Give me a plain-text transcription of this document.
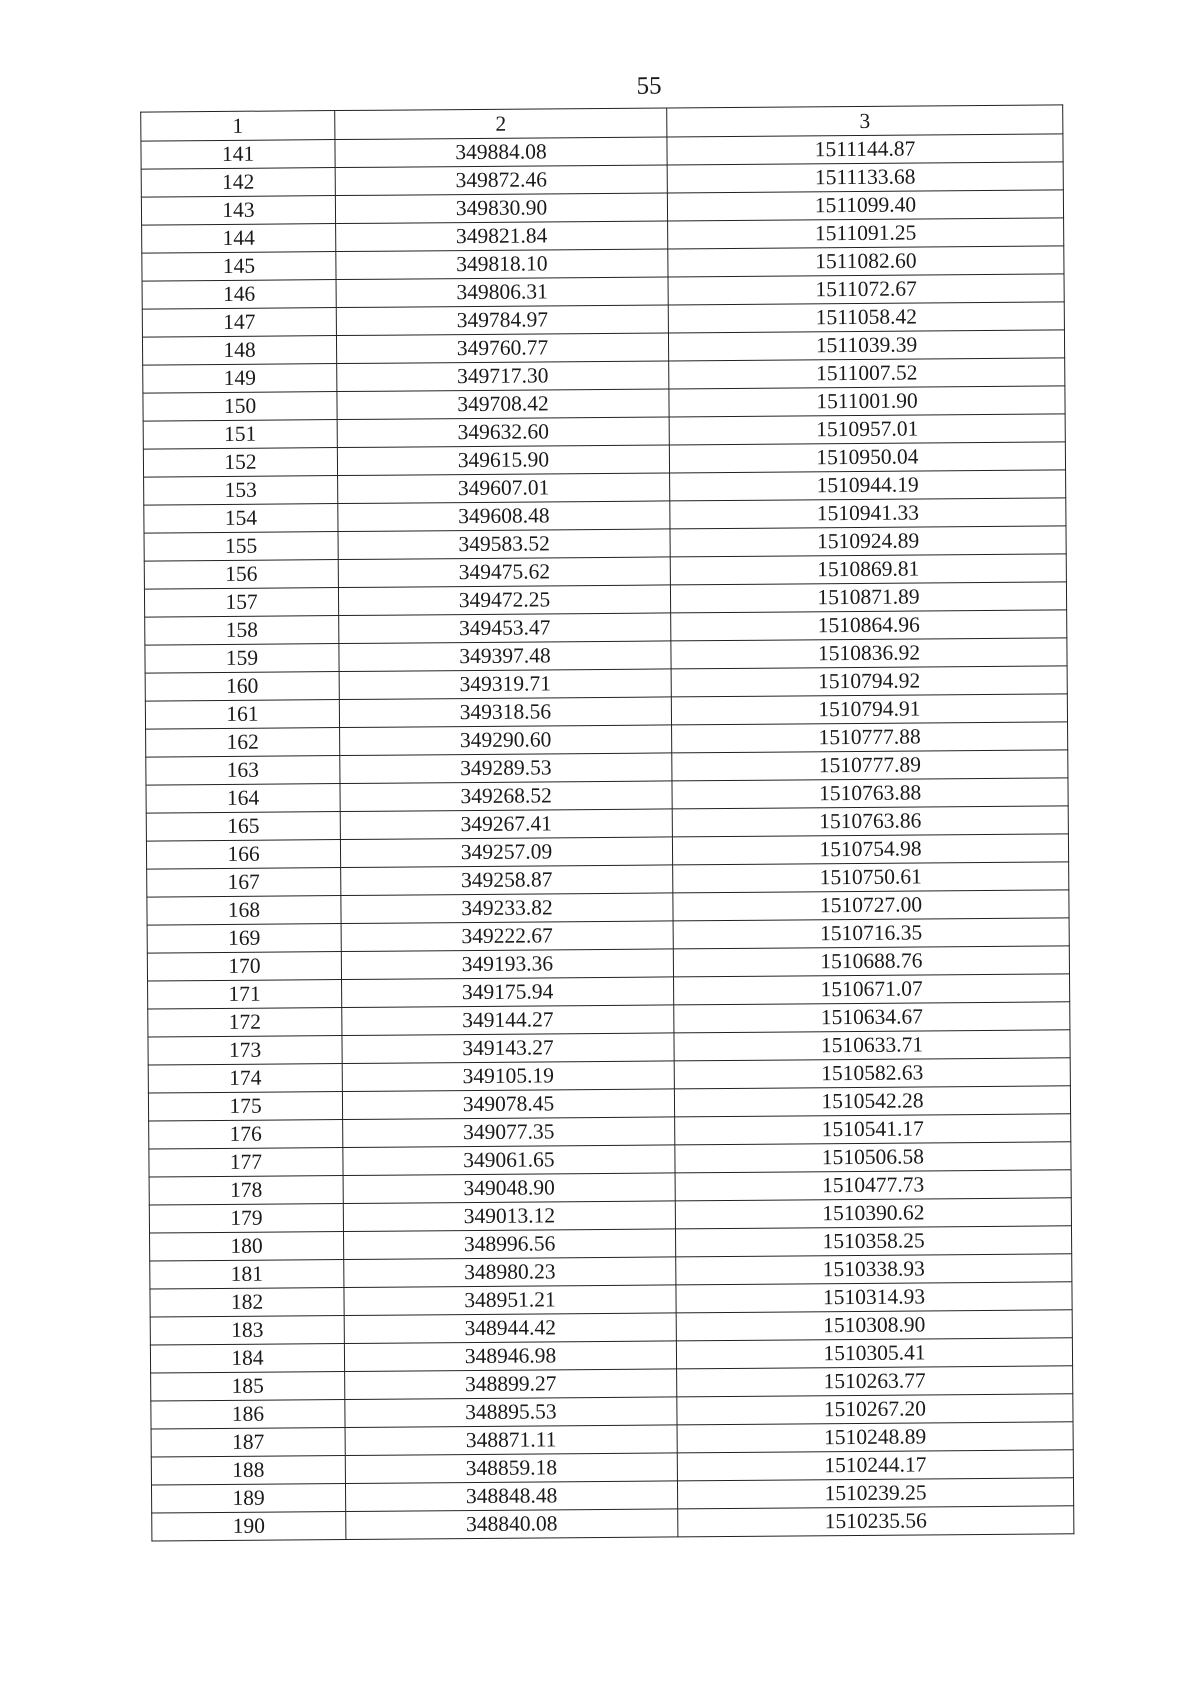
55
1	2	3
141	349884.08	1511144.87
142	349872.46	1511133.68
143	349830.90	1511099.40
144	349821.84	1511091.25
145	349818.10	1511082.60
146	349806.31	1511072.67
147	349784.97	1511058.42
148	349760.77	1511039.39
149	349717.30	1511007.52
150	349708.42	1511001.90
151	349632.60	1510957.01
152	349615.90	1510950.04
153	349607.01	1510944.19
154	349608.48	1510941.33
155	349583.52	1510924.89
156	349475.62	1510869.81
157	349472.25	1510871.89
158	349453.47	1510864.96
159	349397.48	1510836.92
160	349319.71	1510794.92
161	349318.56	1510794.91
162	349290.60	1510777.88
163	349289.53	1510777.89
164	349268.52	1510763.88
165	349267.41	1510763.86
166	349257.09	1510754.98
167	349258.87	1510750.61
168	349233.82	1510727.00
169	349222.67	1510716.35
170	349193.36	1510688.76
171	349175.94	1510671.07
172	349144.27	1510634.67
173	349143.27	1510633.71
174	349105.19	1510582.63
175	349078.45	1510542.28
176	349077.35	1510541.17
177	349061.65	1510506.58
178	349048.90	1510477.73
179	349013.12	1510390.62
180	348996.56	1510358.25
181	348980.23	1510338.93
182	348951.21	1510314.93
183	348944.42	1510308.90
184	348946.98	1510305.41
185	348899.27	1510263.77
186	348895.53	1510267.20
187	348871.11	1510248.89
188	348859.18	1510244.17
189	348848.48	1510239.25
190	348840.08	1510235.56
